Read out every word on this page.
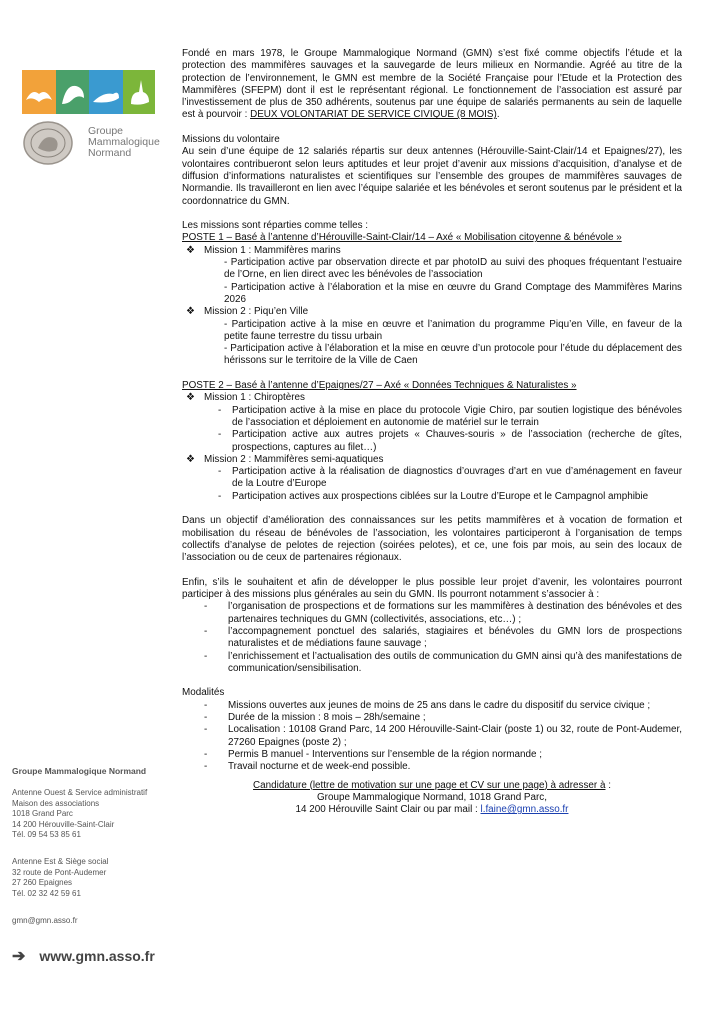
Groupe
Mammalogique
Normand
Groupe Mammalogique Normand
Antenne Ouest & Service administratif
Maison des associations
1018 Grand Parc
14 200 Hérouville-Saint-Clair
Tél. 09 54 53 85 61
Antenne Est & Siège social
32 route de Pont-Audemer
27 260 Epaignes
Tél. 02 32 42 59 61
gmn@gmn.asso.fr
➔ www.gmn.asso.fr

Fondé en mars 1978, le Groupe Mammalogique Normand (GMN) s’est fixé comme objectifs l’étude et la protection des mammifères sauvages et la sauvegarde de leurs milieux en Normandie. Agréé au titre de la protection de l’environnement, le GMN est membre de la Société Française pour l’Etude et la Protection des Mammifères (SFEPM) dont il est le représentant régional. Le fonctionnement de l’association est assuré par l’investissement de plus de 350 adhérents, soutenus par une équipe de salariés permanents au sein de laquelle est à pourvoir : DEUX VOLONTARIAT DE SERVICE CIVIQUE (8 MOIS).

Missions du volontaire

Au sein d’une équipe de 12 salariés répartis sur deux antennes (Hérouville-Saint-Clair/14 et Epaignes/27), les volontaires contribueront selon leurs aptitudes et leur projet d’avenir aux missions d’acquisition, d’analyse et de diffusion d’informations naturalistes et scientifiques sur l’ensemble des groupes de mammifères sauvages de Normandie. Ils travailleront en lien avec l’équipe salariée et les bénévoles et seront soutenus par le président et la coordonnatrice du GMN.

Les missions sont réparties comme telles :

POSTE 1 – Basé à l’antenne d’Hérouville-Saint-Clair/14 – Axé « Mobilisation citoyenne & bénévole »

❖ Mission 1 : Mammifères marins

- Participation active par observation directe et par photoID au suivi des phoques fréquentant l’estuaire de l’Orne, en lien direct avec les bénévoles de l’association

- Participation active à l’élaboration et la mise en œuvre du Grand Comptage des Mammifères Marins 2026

❖ Mission 2 : Piqu’en Ville

- Participation active à la mise en œuvre et l’animation du programme Piqu’en Ville, en faveur de la petite faune terrestre du tissu urbain

- Participation active à l’élaboration et la mise en œuvre d’un protocole pour l’étude du déplacement des hérissons sur le territoire de la Ville de Caen

POSTE 2 – Basé à l’antenne d’Epaignes/27 – Axé « Données Techniques & Naturalistes »

❖ Mission 1 : Chiroptères

- Participation active à la mise en place du protocole Vigie Chiro, par soutien logistique des bénévoles de l’association et déploiement en autonomie de matériel sur le terrain

- Participation active aux autres projets « Chauves-souris » de l’association (recherche de gîtes, prospections, captures au filet…)

❖ Mission 2 : Mammifères semi-aquatiques

- Participation active à la réalisation de diagnostics d’ouvrages d’art en vue d’aménagement en faveur de la Loutre d’Europe

- Participation actives aux prospections ciblées sur la Loutre d’Europe et le Campagnol amphibie

Dans un objectif d’amélioration des connaissances sur les petits mammifères et à vocation de formation et mobilisation du réseau de bénévoles de l’association, les volontaires participeront à l’organisation de temps collectifs d’analyse de pelotes de rejection (soirées pelotes), et ce, une fois par mois, au sein des locaux de l’association ou de ceux de partenaires régionaux.

Enfin, s’ils le souhaitent et afin de développer le plus possible leur projet d’avenir, les volontaires pourront participer à des missions plus générales au sein du GMN. Ils pourront notamment s’associer à :

- l’organisation de prospections et de formations sur les mammifères à destination des bénévoles et des partenaires techniques du GMN (collectivités, associations, etc…) ;

- l’accompagnement ponctuel des salariés, stagiaires et bénévoles du GMN lors de prospections naturalistes et de médiations faune sauvage ;

- l’enrichissement et l’actualisation des outils de communication du GMN ainsi qu’à des manifestations de communication/sensibilisation.

Modalités

- Missions ouvertes aux jeunes de moins de 25 ans dans le cadre du dispositif du service civique ;

- Durée de la mission : 8 mois – 28h/semaine ;

- Localisation : 10108 Grand Parc, 14 200 Hérouville-Saint-Clair (poste 1) ou 32, route de Pont-Audemer, 27260 Epaignes (poste 2) ;

- Permis B manuel - Interventions sur l’ensemble de la région normande ;

- Travail nocturne et de week-end possible.

Candidature (lettre de motivation sur une page et CV sur une page) à adresser à :

Groupe Mammalogique Normand, 1018 Grand Parc,

14 200 Hérouville Saint Clair ou par mail : l.faine@gmn.asso.fr
